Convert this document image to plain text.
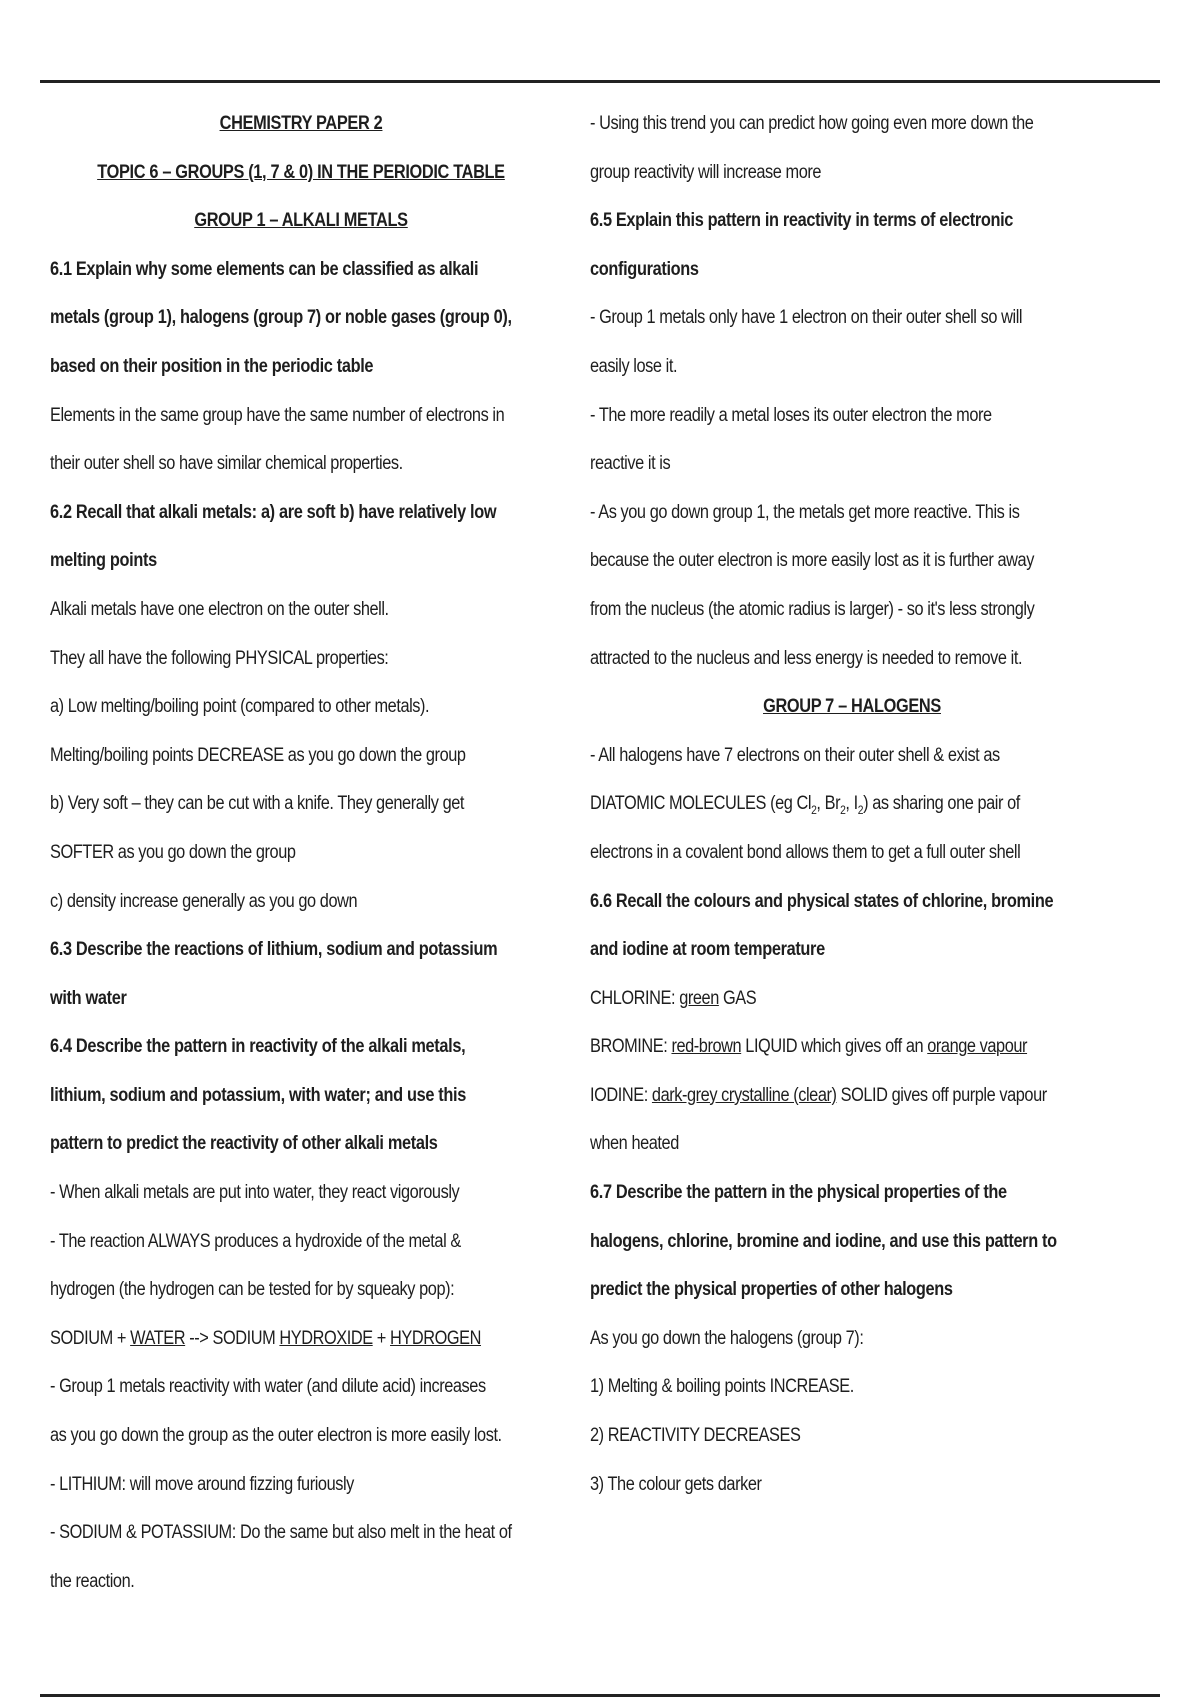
CHEMISTRY PAPER 2
TOPIC 6 – GROUPS (1, 7 & 0) IN THE PERIODIC TABLE
GROUP 1 – ALKALI METALS
6.1 Explain why some elements can be classified as alkali
metals (group 1), halogens (group 7) or noble gases (group 0),
based on their position in the periodic table
Elements in the same group have the same number of electrons in
their outer shell so have similar chemical properties.
6.2 Recall that alkali metals: a) are soft b) have relatively low
melting points
Alkali metals have one electron on the outer shell.
They all have the following PHYSICAL properties:
a) Low melting/boiling point (compared to other metals).
Melting/boiling points DECREASE as you go down the group
b) Very soft – they can be cut with a knife. They generally get
SOFTER as you go down the group
c) density increase generally as you go down
6.3 Describe the reactions of lithium, sodium and potassium
with water
6.4 Describe the pattern in reactivity of the alkali metals,
lithium, sodium and potassium, with water; and use this
pattern to predict the reactivity of other alkali metals
- When alkali metals are put into water, they react vigorously
- The reaction ALWAYS produces a hydroxide of the metal &
hydrogen (the hydrogen can be tested for by squeaky pop):
SODIUM + WATER --> SODIUM HYDROXIDE + HYDROGEN
- Group 1 metals reactivity with water (and dilute acid) increases
as you go down the group as the outer electron is more easily lost.
- LITHIUM: will move around fizzing furiously
- SODIUM & POTASSIUM: Do the same but also melt in the heat of
the reaction.
- Using this trend you can predict how going even more down the
group reactivity will increase more
6.5 Explain this pattern in reactivity in terms of electronic
configurations
- Group 1 metals only have 1 electron on their outer shell so will
easily lose it.
- The more readily a metal loses its outer electron the more
reactive it is
- As you go down group 1, the metals get more reactive. This is
because the outer electron is more easily lost as it is further away
from the nucleus (the atomic radius is larger) - so it's less strongly
attracted to the nucleus and less energy is needed to remove it.
GROUP 7 – HALOGENS
- All halogens have 7 electrons on their outer shell & exist as
DIATOMIC MOLECULES (eg $Cl_2$, $Br_2$, $I_2$) as sharing one pair of
electrons in a covalent bond allows them to get a full outer shell
6.6 Recall the colours and physical states of chlorine, bromine
and iodine at room temperature
CHLORINE: green GAS
BROMINE: red-brown LIQUID which gives off an orange vapour
IODINE: dark-grey crystalline (clear) SOLID gives off purple vapour
when heated
6.7 Describe the pattern in the physical properties of the
halogens, chlorine, bromine and iodine, and use this pattern to
predict the physical properties of other halogens
As you go down the halogens (group 7):
1) Melting & boiling points INCREASE.
2) REACTIVITY DECREASES
3) The colour gets darker
